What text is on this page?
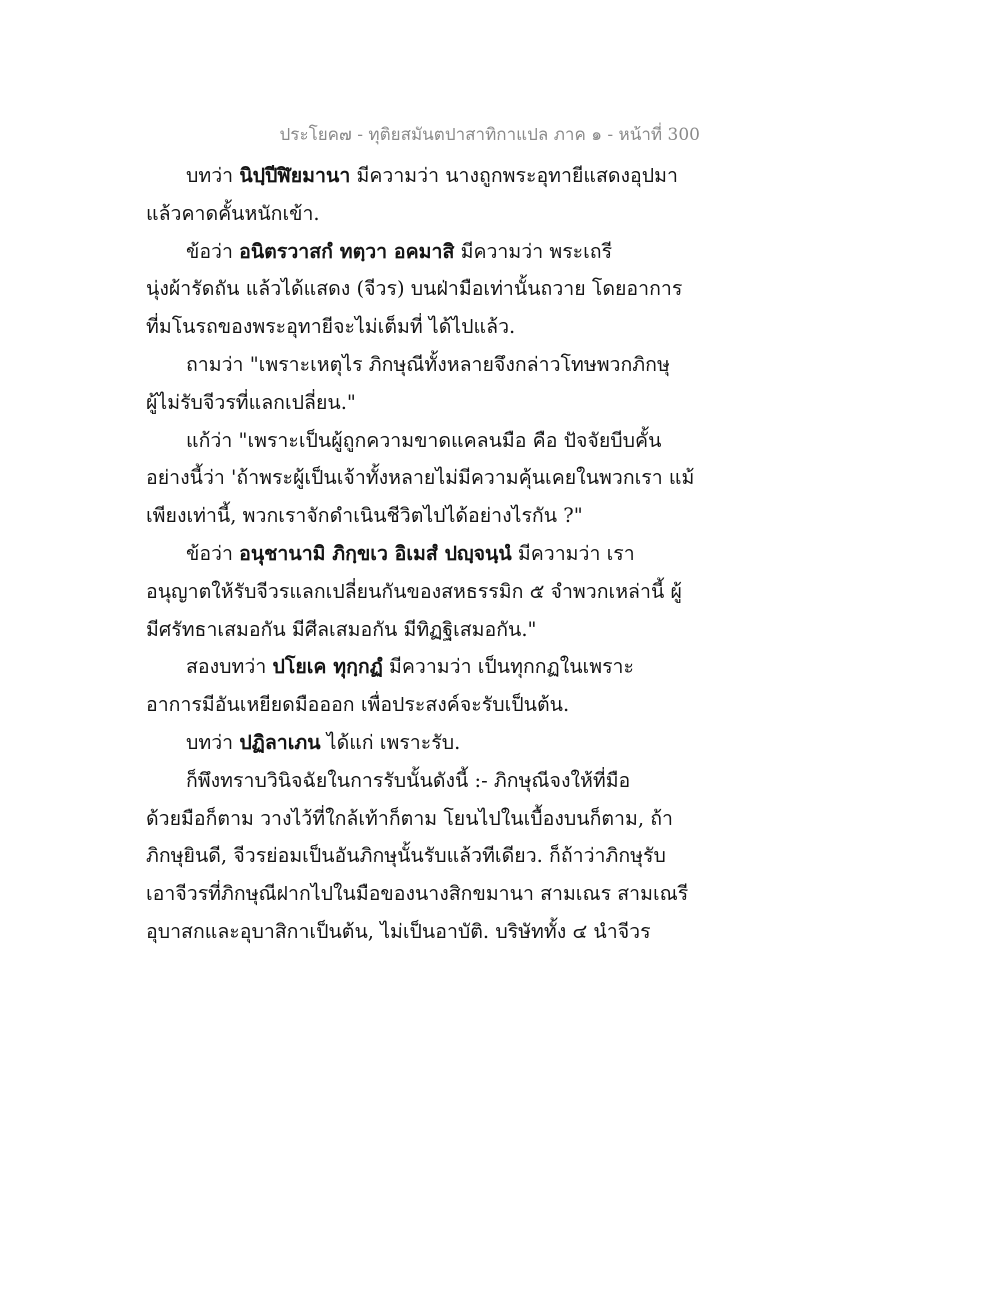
ประโยค๗ - ทุติยสมันตปาสาทิกาแปล ภาค ๑ - หน้าที่ 300
บทว่า นิปฺปีฬิยมานา มีความว่า นางถูกพระอุทายีแสดงอุปมา
แล้วคาดคั้นหนักเข้า.
ข้อว่า อนิตรวาสกํ ทตฺวา อคมาสิ มีความว่า พระเถรี
นุ่งผ้ารัดถัน แล้วได้แสดง (จีวร) บนฝ่ามือเท่านั้นถวาย โดยอาการ
ที่มโนรถของพระอุทายีจะไม่เต็มที่ ได้ไปแล้ว.
ถามว่า "เพราะเหตุไร ภิกษุณีทั้งหลายจึงกล่าวโทษพวกภิกษุ
ผู้ไม่รับจีวรที่แลกเปลี่ยน."
แก้ว่า "เพราะเป็นผู้ถูกความขาดแคลนมือ คือ ปัจจัยบีบคั้น
อย่างนี้ว่า 'ถ้าพระผู้เป็นเจ้าทั้งหลายไม่มีความคุ้นเคยในพวกเรา แม้
เพียงเท่านี้, พวกเราจักดำเนินชีวิตไปได้อย่างไรกัน ?"
ข้อว่า อนุชานามิ ภิกฺขเว อิเมสํ ปญฺจนฺนํ มีความว่า เรา
อนุญาตให้รับจีวรแลกเปลี่ยนกันของสหธรรมิก ๕ จำพวกเหล่านี้ ผู้
มีศรัทธาเสมอกัน มีศีลเสมอกัน มีทิฏฐิเสมอกัน."
สองบทว่า ปโยเค ทุกฺกฏํ มีความว่า เป็นทุกกฏในเพราะ
อาการมีอันเหยียดมือออก เพื่อประสงค์จะรับเป็นต้น.
บทว่า ปฏิลาเภน ได้แก่ เพราะรับ.
ก็พึงทราบวินิจฉัยในการรับนั้นดังนี้ :- ภิกษุณีจงให้ที่มือ
ด้วยมือก็ตาม วางไว้ที่ใกล้เท้าก็ตาม โยนไปในเบื้องบนก็ตาม, ถ้า
ภิกษุยินดี, จีวรย่อมเป็นอันภิกษุนั้นรับแล้วทีเดียว. ก็ถ้าว่าภิกษุรับ
เอาจีวรที่ภิกษุณีฝากไปในมือของนางสิกขมานา สามเณร สามเณรี
อุบาสกและอุบาสิกาเป็นต้น, ไม่เป็นอาบัติ. บริษัททั้ง ๔ นำจีวร
